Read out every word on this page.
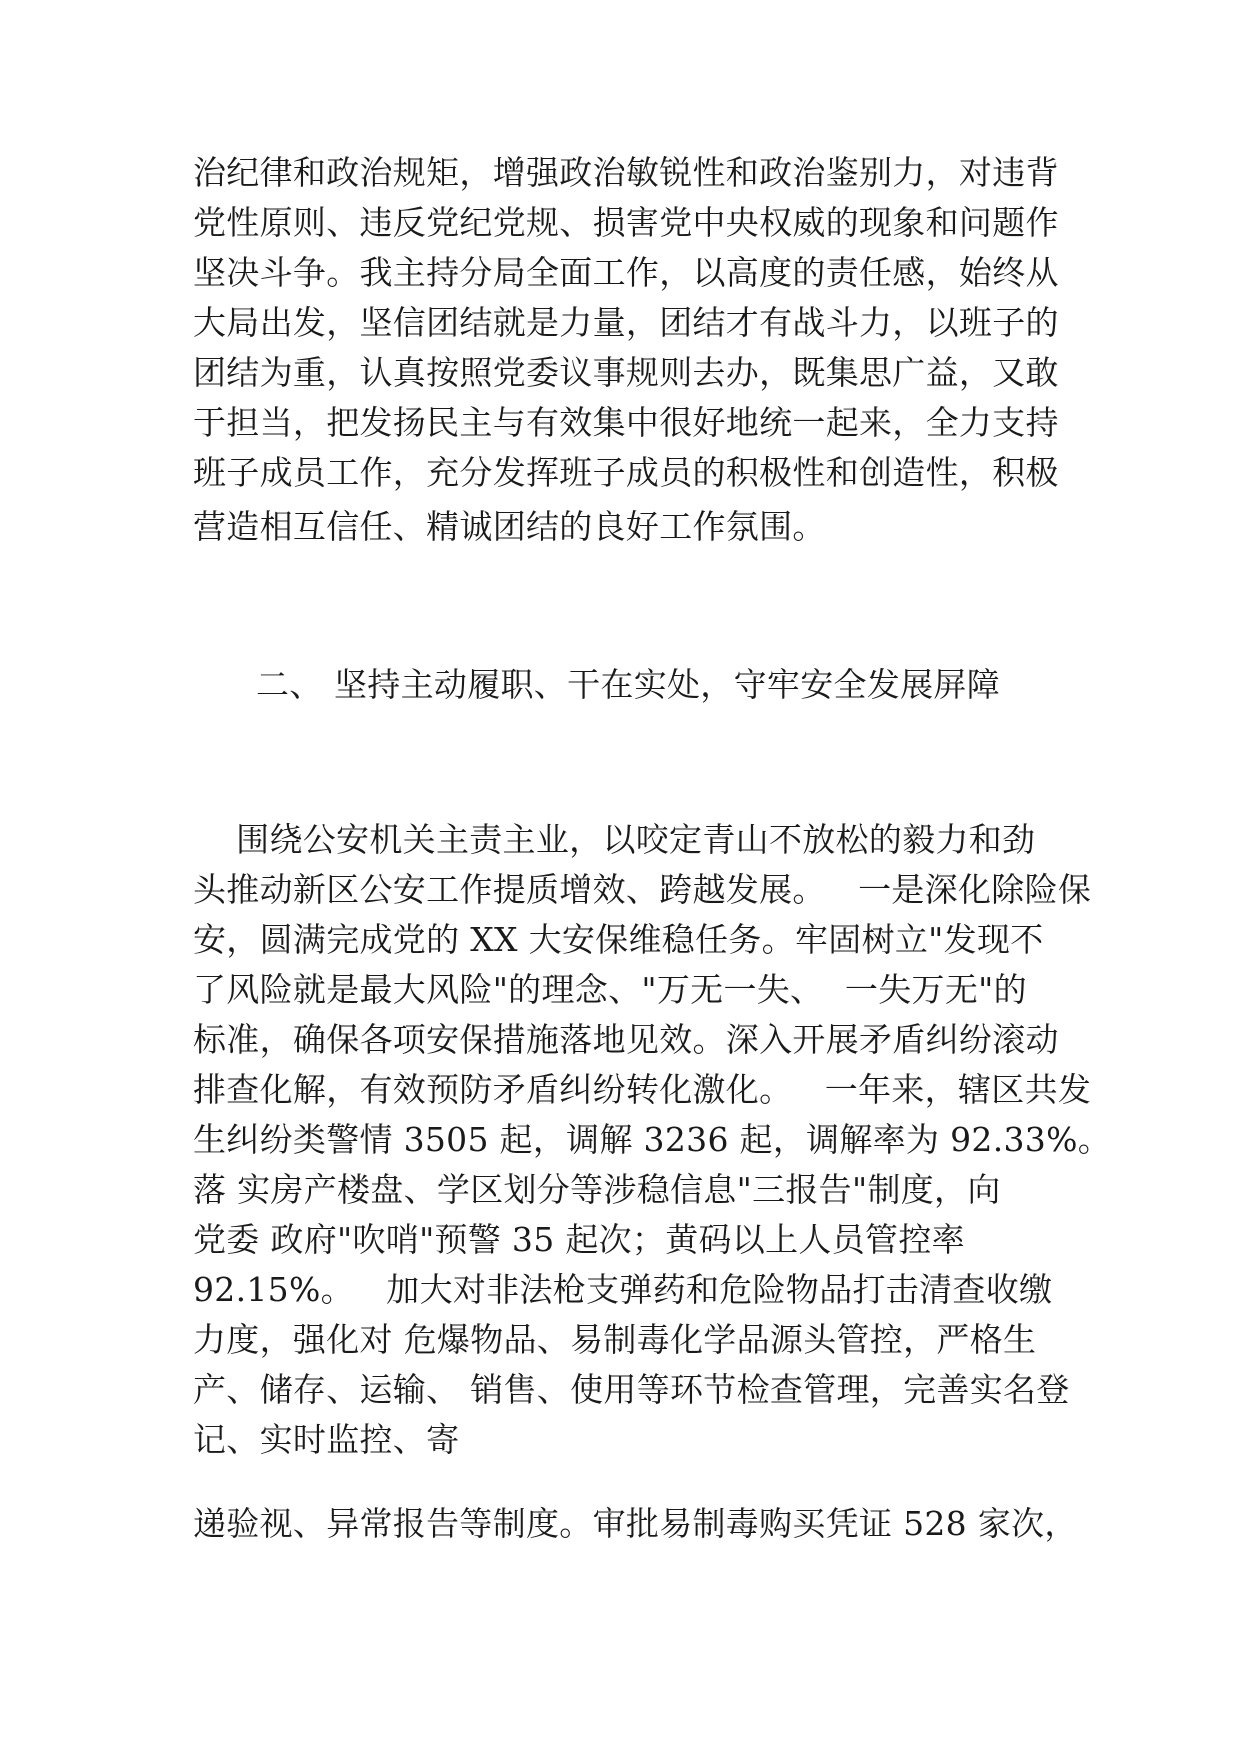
治纪律和政治规矩，增强政治敏锐性和政治鉴别力，对违背
党性原则、违反党纪党规、损害党中央权威的现象和问题作
坚决斗争。我主持分局全面工作，以高度的责任感，始终从
大局出发，坚信团结就是力量，团结才有战斗力，以班子的
团结为重，认真按照党委议事规则去办，既集思广益，又敢
于担当，把发扬民主与有效集中很好地统一起来，全力支持
班子成员工作，充分发挥班子成员的积极性和创造性，积极
营造相互信任、精诚团结的良好工作氛围。
二、 坚持主动履职、干在实处，守牢安全发展屏障
围绕公安机关主责主业，以咬定青山不放松的毅力和劲
头推动新区公安工作提质增效、跨越发展。   一是深化除险保
安，圆满完成党的 XX 大安保维稳任务。牢固树立"发现不
了风险就是最大风险"的理念、"万无一失、  一失万无"的
标准，确保各项安保措施落地见效。深入开展矛盾纠纷滚动
排查化解，有效预防矛盾纠纷转化激化。   一年来，辖区共发
生纠纷类警情 3505 起，调解 3236 起，调解率为 92.33%。
落 实房产楼盘、学区划分等涉稳信息"三报告"制度，向
党委 政府"吹哨"预警 35 起次；黄码以上人员管控率
92.15%。   加大对非法枪支弹药和危险物品打击清查收缴
力度，强化对 危爆物品、易制毒化学品源头管控，严格生
产、储存、运输、 销售、使用等环节检查管理，完善实名登
记、实时监控、寄
递验视、异常报告等制度。审批易制毒购买凭证 528 家次，
